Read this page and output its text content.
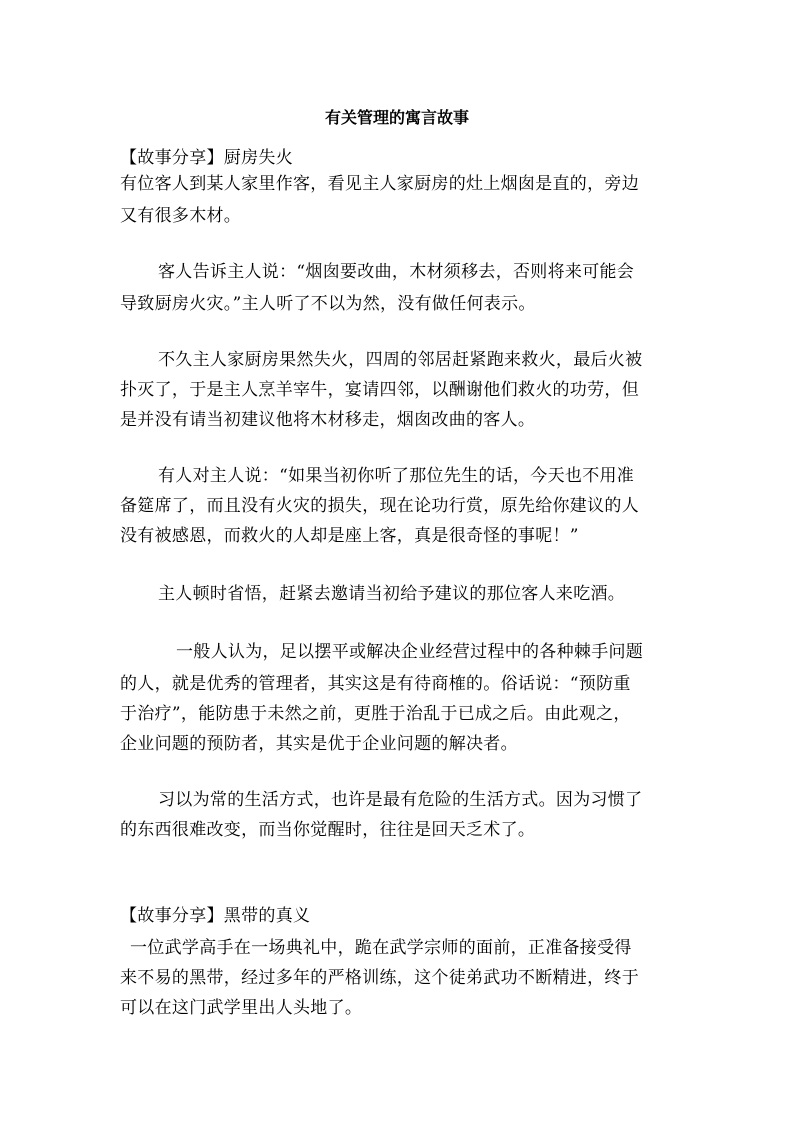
有关管理的寓言故事
【故事分享】厨房失火
有位客人到某人家里作客，看见主人家厨房的灶上烟囱是直的，旁边
又有很多木材。
客人告诉主人说：“烟囱要改曲，木材须移去，否则将来可能会
导致厨房火灾。”主人听了不以为然，没有做任何表示。
不久主人家厨房果然失火，四周的邻居赶紧跑来救火，最后火被
扑灭了，于是主人烹羊宰牛，宴请四邻，以酬谢他们救火的功劳，但
是并没有请当初建议他将木材移走，烟囱改曲的客人。
有人对主人说：“如果当初你听了那位先生的话，今天也不用准
备筵席了，而且没有火灾的损失，现在论功行赏，原先给你建议的人
没有被感恩，而救火的人却是座上客，真是很奇怪的事呢！”
主人顿时省悟，赶紧去邀请当初给予建议的那位客人来吃酒。
一般人认为，足以摆平或解决企业经营过程中的各种棘手问题
的人，就是优秀的管理者，其实这是有待商榷的。俗话说：“预防重
于治疗”，能防患于未然之前，更胜于治乱于已成之后。由此观之，
企业问题的预防者，其实是优于企业问题的解决者。
习以为常的生活方式，也许是最有危险的生活方式。因为习惯了
的东西很难改变，而当你觉醒时，往往是回天乏术了。
【故事分享】黑带的真义
一位武学高手在一场典礼中，跪在武学宗师的面前，正准备接受得
来不易的黑带，经过多年的严格训练，这个徒弟武功不断精进，终于
可以在这门武学里出人头地了。
